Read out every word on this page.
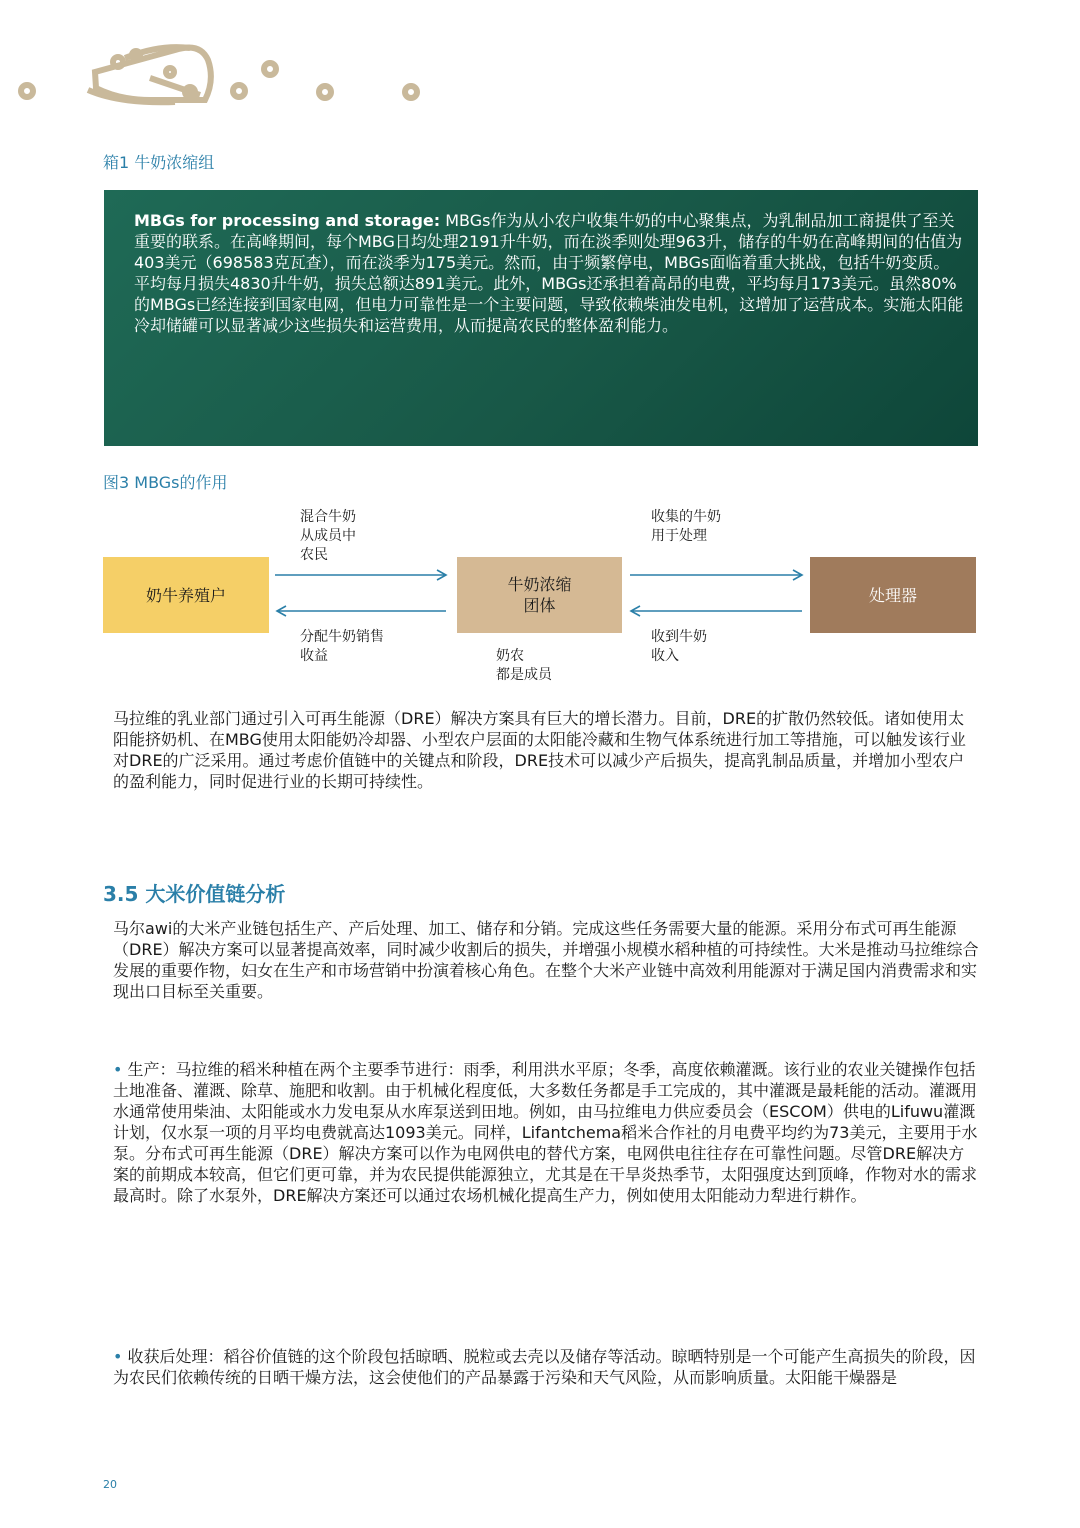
箱1 牛奶浓缩组

MBGs for processing and storage: MBGs作为从小农户收集牛奶的中心聚集点，为乳制品加工商提供了至关重要的联系。在高峰期间，每个MBG日均处理2191升牛奶，而在淡季则处理963升，储存的牛奶在高峰期间的估值为403美元（698583克瓦查），而在淡季为175美元。然而，由于频繁停电，MBGs面临着重大挑战，包括牛奶变质。平均每月损失4830升牛奶，损失总额达891美元。此外，MBGs还承担着高昂的电费，平均每月173美元。虽然80%的MBGs已经连接到国家电网，但电力可靠性是一个主要问题，导致依赖柴油发电机，这增加了运营成本。实施太阳能冷却储罐可以显著减少这些损失和运营费用，从而提高农民的整体盈利能力。

图3 MBGs的作用
混合牛奶
从成员中
农民
收集的牛奶
用于处理
奶牛养殖户
牛奶浓缩
团体
处理器
分配牛奶销售
收益	奶农
都是成员
收到牛奶
收入

马拉维的乳业部门通过引入可再生能源（DRE）解决方案具有巨大的增长潜力。目前，DRE的扩散仍然较低。诸如使用太阳能挤奶机、在MBG使用太阳能奶冷却器、小型农户层面的太阳能冷藏和生物气体系统进行加工等措施，可以触发该行业对DRE的广泛采用。通过考虑价值链中的关键点和阶段，DRE技术可以减少产后损失，提高乳制品质量，并增加小型农户的盈利能力，同时促进行业的长期可持续性。

3.5 大米价值链分析

马尔awi的大米产业链包括生产、产后处理、加工、储存和分销。完成这些任务需要大量的能源。采用分布式可再生能源（DRE）解决方案可以显著提高效率，同时减少收割后的损失，并增强小规模水稻种植的可持续性。大米是推动马拉维综合发展的重要作物，妇女在生产和市场营销中扮演着核心角色。在整个大米产业链中高效利用能源对于满足国内消费需求和实现出口目标至关重要。

• 生产：马拉维的稻米种植在两个主要季节进行：雨季，利用洪水平原；冬季，高度依赖灌溉。该行业的农业关键操作包括土地准备、灌溉、除草、施肥和收割。由于机械化程度低，大多数任务都是手工完成的，其中灌溉是最耗能的活动。灌溉用水通常使用柴油、太阳能或水力发电泵从水库泵送到田地。例如，由马拉维电力供应委员会（ESCOM）供电的Lifuwu灌溉计划，仅水泵一项的月平均电费就高达1093美元。同样，Lifantchema稻米合作社的月电费平均约为73美元，主要用于水泵。分布式可再生能源（DRE）解决方案可以作为电网供电的替代方案，电网供电往往存在可靠性问题。尽管DRE解决方案的前期成本较高，但它们更可靠，并为农民提供能源独立，尤其是在干旱炎热季节，太阳强度达到顶峰，作物对水的需求最高时。除了水泵外，DRE解决方案还可以通过农场机械化提高生产力，例如使用太阳能动力犁进行耕作。

• 收获后处理：稻谷价值链的这个阶段包括晾晒、脱粒或去壳以及储存等活动。晾晒特别是一个可能产生高损失的阶段，因为农民们依赖传统的日晒干燥方法，这会使他们的产品暴露于污染和天气风险，从而影响质量。太阳能干燥器是

20
